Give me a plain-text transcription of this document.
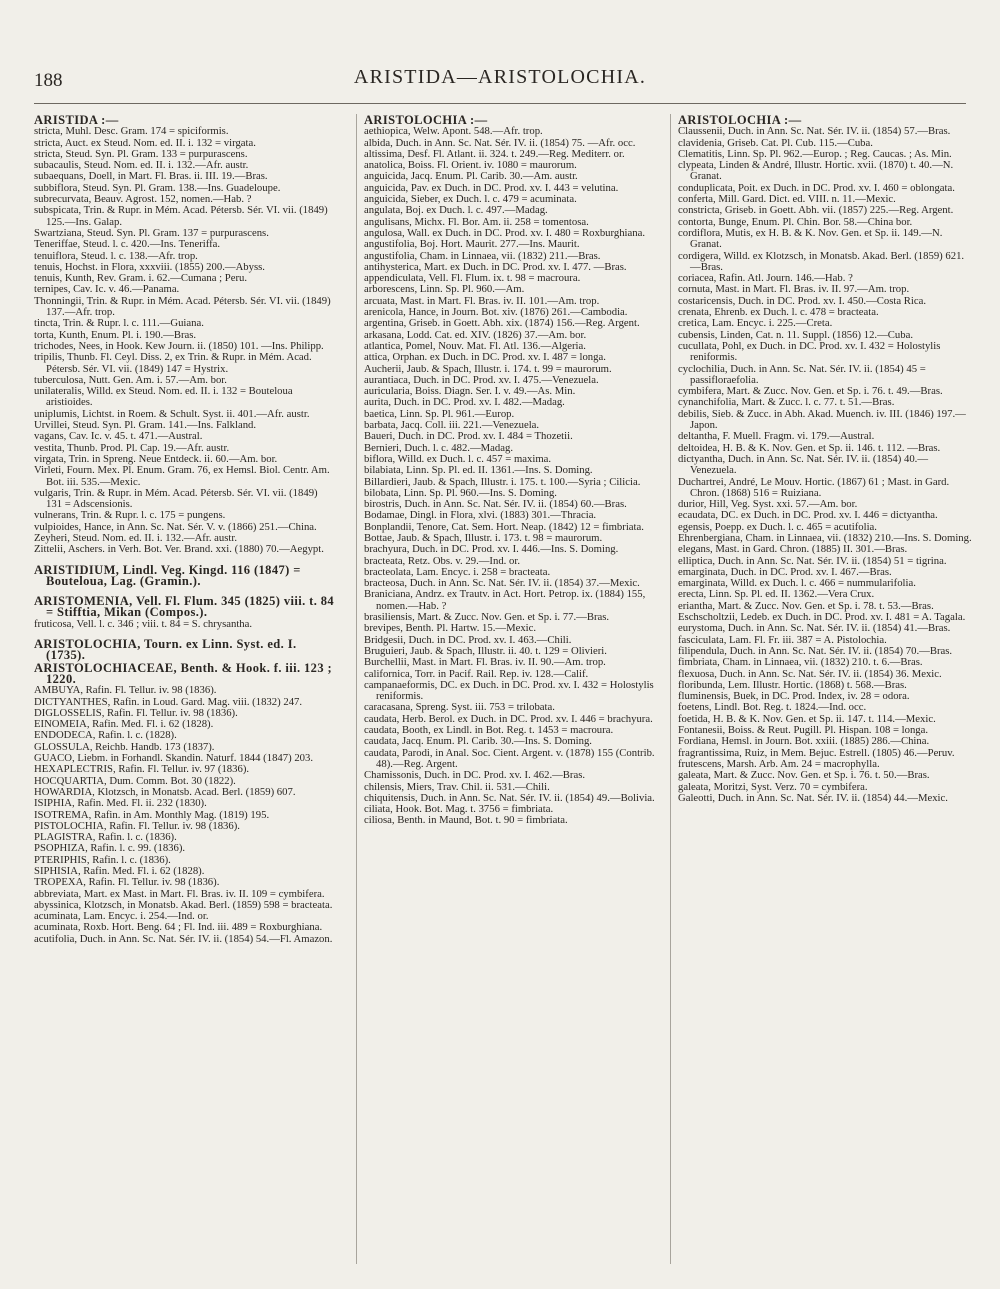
188	ARISTIDA—ARISTOLOCHIA.
ARISTIDA :—
stricta, Muhl. Desc. Gram. 174 = spiciformis.
stricta, Auct. ex Steud. Nom. ed. II. i. 132 = virgata.
stricta, Steud. Syn. Pl. Gram. 133 = purpurascens.
subacaulis, Steud. Nom. ed. II. i. 132.—Afr. austr.
subaequans, Doell, in Mart. Fl. Bras. ii. III. 19.—Bras.
subbiflora, Steud. Syn. Pl. Gram. 138.—Ins. Guadeloupe.
subrecurvata, Beauv. Agrost. 152, nomen.—Hab. ?
subspicata, Trin. & Rupr. in Mém. Acad. Pétersb. Sér. VI. vii. (1849) 125.—Ins. Galap.
Swartziana, Steud. Syn. Pl. Gram. 137 = purpurascens.
Teneriffae, Steud. l. c. 420.—Ins. Teneriffa.
tenuiflora, Steud. l. c. 138.—Afr. trop.
tenuis, Hochst. in Flora, xxxviii. (1855) 200.—Abyss.
tenuis, Kunth, Rev. Gram. i. 62.—Cumana ; Peru.
ternipes, Cav. Ic. v. 46.—Panama.
Thonningii, Trin. & Rupr. in Mém. Acad. Pétersb. Sér. VI. vii. (1849) 137.—Afr. trop.
tincta, Trin. & Rupr. l. c. 111.—Guiana.
torta, Kunth, Enum. Pl. i. 190.—Bras.
trichodes, Nees, in Hook. Kew Journ. ii. (1850) 101. —Ins. Philipp.
tripilis, Thunb. Fl. Ceyl. Diss. 2, ex Trin. & Rupr. in Mém. Acad. Pétersb. Sér. VI. vii. (1849) 147 = Hystrix.
tuberculosa, Nutt. Gen. Am. i. 57.—Am. bor.
unilateralis, Willd. ex Steud. Nom. ed. II. i. 132 = Bouteloua aristioides.
uniplumis, Lichtst. in Roem. & Schult. Syst. ii. 401.—Afr. austr.
Urvillei, Steud. Syn. Pl. Gram. 141.—Ins. Falkland.
vagans, Cav. Ic. v. 45. t. 471.—Austral.
vestita, Thunb. Prod. Pl. Cap. 19.—Afr. austr.
virgata, Trin. in Spreng. Neue Entdeck. ii. 60.—Am. bor.
Virleti, Fourn. Mex. Pl. Enum. Gram. 76, ex Hemsl. Biol. Centr. Am. Bot. iii. 535.—Mexic.
vulgaris, Trin. & Rupr. in Mém. Acad. Pétersb. Sér. VI. vii. (1849) 131 = Adscensionis.
vulnerans, Trin. & Rupr. l. c. 175 = pungens.
vulpioides, Hance, in Ann. Sc. Nat. Sér. V. v. (1866) 251.—China.
Zeyheri, Steud. Nom. ed. II. i. 132.—Afr. austr.
Zittelii, Aschers. in Verh. Bot. Ver. Brand. xxi. (1880) 70.—Aegypt.
ARISTIDIUM, Lindl. Veg. Kingd. 116 (1847) = Bouteloua, Lag. (Gramin.).
ARISTOMENIA, Vell. Fl. Flum. 345 (1825) viii. t. 84 = Stifftia, Mikan (Compos.).
fruticosa, Vell. l. c. 346 ; viii. t. 84 = S. chrysantha.
ARISTOLOCHIA, Tourn. ex Linn. Syst. ed. I. (1735).
ARISTOLOCHIACEAE, Benth. & Hook. f. iii. 123 ; 1220.
AMBUYA, Rafin. Fl. Tellur. iv. 98 (1836).
DICTYANTHES, Rafin. in Loud. Gard. Mag. viii. (1832) 247.
DIGLOSSELIS, Rafin. Fl. Tellur. iv. 98 (1836).
EINOMEIA, Rafin. Med. Fl. i. 62 (1828).
ENDODECA, Rafin. l. c. (1828).
GLOSSULA, Reichb. Handb. 173 (1837).
GUACO, Liebm. in Forhandl. Skandin. Naturf. 1844 (1847) 203.
HEXAPLECTRIS, Rafin. Fl. Tellur. iv. 97 (1836).
HOCQUARTIA, Dum. Comm. Bot. 30 (1822).
HOWARDIA, Klotzsch, in Monatsb. Acad. Berl. (1859) 607.
ISIPHIA, Rafin. Med. Fl. ii. 232 (1830).
ISOTREMA, Rafin. in Am. Monthly Mag. (1819) 195.
PISTOLOCHIA, Rafin. Fl. Tellur. iv. 98 (1836).
PLAGISTRA, Rafin. l. c. (1836).
PSOPHIZA, Rafin. l. c. 99. (1836).
PTERIPHIS, Rafin. l. c. (1836).
SIPHISIA, Rafin. Med. Fl. i. 62 (1828).
TROPEXA, Rafin. Fl. Tellur. iv. 98 (1836).
abbreviata, Mart. ex Mast. in Mart. Fl. Bras. iv. II. 109 = cymbifera.
abyssinica, Klotzsch, in Monatsb. Akad. Berl. (1859) 598 = bracteata.
acuminata, Lam. Encyc. i. 254.—Ind. or.
acuminata, Roxb. Hort. Beng. 64 ; Fl. Ind. iii. 489 = Roxburghiana.
acutifolia, Duch. in Ann. Sc. Nat. Sér. IV. ii. (1854) 54.—Fl. Amazon.
ARISTOLOCHIA :—
aethiopica, Welw. Apont. 548.—Afr. trop.
albida, Duch. in Ann. Sc. Nat. Sér. IV. ii. (1854) 75. —Afr. occ.
altissima, Desf. Fl. Atlant. ii. 324. t. 249.—Reg. Mediterr. or.
anatolica, Boiss. Fl. Orient. iv. 1080 = maurorum.
anguicida, Jacq. Enum. Pl. Carib. 30.—Am. austr.
anguicida, Pav. ex Duch. in DC. Prod. xv. I. 443 = velutina.
anguicida, Sieber, ex Duch. l. c. 479 = acuminata.
angulata, Boj. ex Duch. l. c. 497.—Madag.
angulisans, Michx. Fl. Bor. Am. ii. 258 = tomentosa.
angulosa, Wall. ex Duch. in DC. Prod. xv. I. 480 = Roxburghiana.
angustifolia, Boj. Hort. Maurit. 277.—Ins. Maurit.
angustifolia, Cham. in Linnaea, vii. (1832) 211.—Bras.
antihysterica, Mart. ex Duch. in DC. Prod. xv. I. 477. —Bras.
appendiculata, Vell. Fl. Flum. ix. t. 98 = macroura.
arborescens, Linn. Sp. Pl. 960.—Am.
arcuata, Mast. in Mart. Fl. Bras. iv. II. 101.—Am. trop.
arenicola, Hance, in Journ. Bot. xiv. (1876) 261.—Cambodia.
argentina, Griseb. in Goett. Abh. xix. (1874) 156.—Reg. Argent.
arkasana, Lodd. Cat. ed. XIV. (1826) 37.—Am. bor.
atlantica, Pomel, Nouv. Mat. Fl. Atl. 136.—Algeria.
attica, Orphan. ex Duch. in DC. Prod. xv. I. 487 = longa.
Aucherii, Jaub. & Spach, Illustr. i. 174. t. 99 = maurorum.
aurantiaca, Duch. in DC. Prod. xv. I. 475.—Venezuela.
auricularia, Boiss. Diagn. Ser. I. v. 49.—As. Min.
aurita, Duch. in DC. Prod. xv. I. 482.—Madag.
baetica, Linn. Sp. Pl. 961.—Europ.
barbata, Jacq. Coll. iii. 221.—Venezuela.
Baueri, Duch. in DC. Prod. xv. I. 484 = Thozetii.
Bernieri, Duch. l. c. 482.—Madag.
biflora, Willd. ex Duch. l. c. 457 = maxima.
bilabiata, Linn. Sp. Pl. ed. II. 1361.—Ins. S. Doming.
Billardieri, Jaub. & Spach, Illustr. i. 175. t. 100.—Syria ; Cilicia.
bilobata, Linn. Sp. Pl. 960.—Ins. S. Doming.
birostris, Duch. in Ann. Sc. Nat. Sér. IV. ii. (1854) 60.—Bras.
Bodamae, Dingl. in Flora, xlvi. (1883) 301.—Thracia.
Bonplandii, Tenore, Cat. Sem. Hort. Neap. (1842) 12 = fimbriata.
Bottae, Jaub. & Spach, Illustr. i. 173. t. 98 = maurorum.
brachyura, Duch. in DC. Prod. xv. I. 446.—Ins. S. Doming.
bracteata, Retz. Obs. v. 29.—Ind. or.
bracteolata, Lam. Encyc. i. 258 = bracteata.
bracteosa, Duch. in Ann. Sc. Nat. Sér. IV. ii. (1854) 37.—Mexic.
Braniciana, Andrz. ex Trautv. in Act. Hort. Petrop. ix. (1884) 155, nomen.—Hab. ?
brasiliensis, Mart. & Zucc. Nov. Gen. et Sp. i. 77.—Bras.
brevipes, Benth. Pl. Hartw. 15.—Mexic.
Bridgesii, Duch. in DC. Prod. xv. I. 463.—Chili.
Bruguieri, Jaub. & Spach, Illustr. ii. 40. t. 129 = Olivieri.
Burchellii, Mast. in Mart. Fl. Bras. iv. II. 90.—Am. trop.
californica, Torr. in Pacif. Rail. Rep. iv. 128.—Calif.
campanaeformis, DC. ex Duch. in DC. Prod. xv. I. 432 = Holostylis reniformis.
caracasana, Spreng. Syst. iii. 753 = trilobata.
caudata, Herb. Berol. ex Duch. in DC. Prod. xv. I. 446 = brachyura.
caudata, Booth, ex Lindl. in Bot. Reg. t. 1453 = macroura.
caudata, Jacq. Enum. Pl. Carib. 30.—Ins. S. Doming.
caudata, Parodi, in Anal. Soc. Cient. Argent. v. (1878) 155 (Contrib. 48).—Reg. Argent.
Chamissonis, Duch. in DC. Prod. xv. I. 462.—Bras.
chilensis, Miers, Trav. Chil. ii. 531.—Chili.
chiquitensis, Duch. in Ann. Sc. Nat. Sér. IV. ii. (1854) 49.—Bolivia.
ciliata, Hook. Bot. Mag. t. 3756 = fimbriata.
ciliosa, Benth. in Maund, Bot. t. 90 = fimbriata.
ARISTOLOCHIA :—
Claussenii, Duch. in Ann. Sc. Nat. Sér. IV. ii. (1854) 57.—Bras.
clavidenia, Griseb. Cat. Pl. Cub. 115.—Cuba.
Clematitis, Linn. Sp. Pl. 962.—Europ. ; Reg. Caucas. ; As. Min.
clypeata, Linden & André, Illustr. Hortic. xvii. (1870) t. 40.—N. Granat.
conduplicata, Poit. ex Duch. in DC. Prod. xv. I. 460 = oblongata.
conferta, Mill. Gard. Dict. ed. VIII. n. 11.—Mexic.
constricta, Griseb. in Goett. Abh. vii. (1857) 225.—Reg. Argent.
contorta, Bunge, Enum. Pl. Chin. Bor. 58.—China bor.
cordiflora, Mutis, ex H. B. & K. Nov. Gen. et Sp. ii. 149.—N. Granat.
cordigera, Willd. ex Klotzsch, in Monatsb. Akad. Berl. (1859) 621.—Bras.
coriacea, Rafin. Atl. Journ. 146.—Hab. ?
cornuta, Mast. in Mart. Fl. Bras. iv. II. 97.—Am. trop.
costaricensis, Duch. in DC. Prod. xv. I. 450.—Costa Rica.
crenata, Ehrenb. ex Duch. l. c. 478 = bracteata.
cretica, Lam. Encyc. i. 225.—Creta.
cubensis, Linden, Cat. n. 11. Suppl. (1856) 12.—Cuba.
cucullata, Pohl, ex Duch. in DC. Prod. xv. I. 432 = Holostylis reniformis.
cyclochilia, Duch. in Ann. Sc. Nat. Sér. IV. ii. (1854) 45 = passifloraefolia.
cymbifera, Mart. & Zucc. Nov. Gen. et Sp. i. 76. t. 49.—Bras.
cynanchifolia, Mart. & Zucc. l. c. 77. t. 51.—Bras.
debilis, Sieb. & Zucc. in Abh. Akad. Muench. iv. III. (1846) 197.—Japon.
deltantha, F. Muell. Fragm. vi. 179.—Austral.
deltoidea, H. B. & K. Nov. Gen. et Sp. ii. 146. t. 112. —Bras.
dictyantha, Duch. in Ann. Sc. Nat. Sér. IV. ii. (1854) 40.—Venezuela.
Duchartrei, André, Le Mouv. Hortic. (1867) 61 ; Mast. in Gard. Chron. (1868) 516 = Ruiziana.
durior, Hill, Veg. Syst. xxi. 57.—Am. bor.
ecaudata, DC. ex Duch. in DC. Prod. xv. I. 446 = dictyantha.
egensis, Poepp. ex Duch. l. c. 465 = acutifolia.
Ehrenbergiana, Cham. in Linnaea, vii. (1832) 210.—Ins. S. Doming.
elegans, Mast. in Gard. Chron. (1885) II. 301.—Bras.
elliptica, Duch. in Ann. Sc. Nat. Sér. IV. ii. (1854) 51 = tigrina.
emarginata, Duch. in DC. Prod. xv. I. 467.—Bras.
emarginata, Willd. ex Duch. l. c. 466 = nummularifolia.
erecta, Linn. Sp. Pl. ed. II. 1362.—Vera Crux.
eriantha, Mart. & Zucc. Nov. Gen. et Sp. i. 78. t. 53.—Bras.
Eschscholtzii, Ledeb. ex Duch. in DC. Prod. xv. I. 481 = A. Tagala.
eurystoma, Duch. in Ann. Sc. Nat. Sér. IV. ii. (1854) 41.—Bras.
fasciculata, Lam. Fl. Fr. iii. 387 = A. Pistolochia.
filipendula, Duch. in Ann. Sc. Nat. Sér. IV. ii. (1854) 70.—Bras.
fimbriata, Cham. in Linnaea, vii. (1832) 210. t. 6.—Bras.
flexuosa, Duch. in Ann. Sc. Nat. Sér. IV. ii. (1854) 36. Mexic.
floribunda, Lem. Illustr. Hortic. (1868) t. 568.—Bras.
fluminensis, Buek, in DC. Prod. Index, iv. 28 = odora.
foetens, Lindl. Bot. Reg. t. 1824.—Ind. occ.
foetida, H. B. & K. Nov. Gen. et Sp. ii. 147. t. 114.—Mexic.
Fontanesii, Boiss. & Reut. Pugill. Pl. Hispan. 108 = longa.
Fordiana, Hemsl. in Journ. Bot. xxiii. (1885) 286.—China.
fragrantissima, Ruiz, in Mem. Bejuc. Estrell. (1805) 46.—Peruv.
frutescens, Marsh. Arb. Am. 24 = macrophylla.
galeata, Mart. & Zucc. Nov. Gen. et Sp. i. 76. t. 50.—Bras.
galeata, Moritzi, Syst. Verz. 70 = cymbifera.
Galeotti, Duch. in Ann. Sc. Nat. Sér. IV. ii. (1854) 44.—Mexic.
